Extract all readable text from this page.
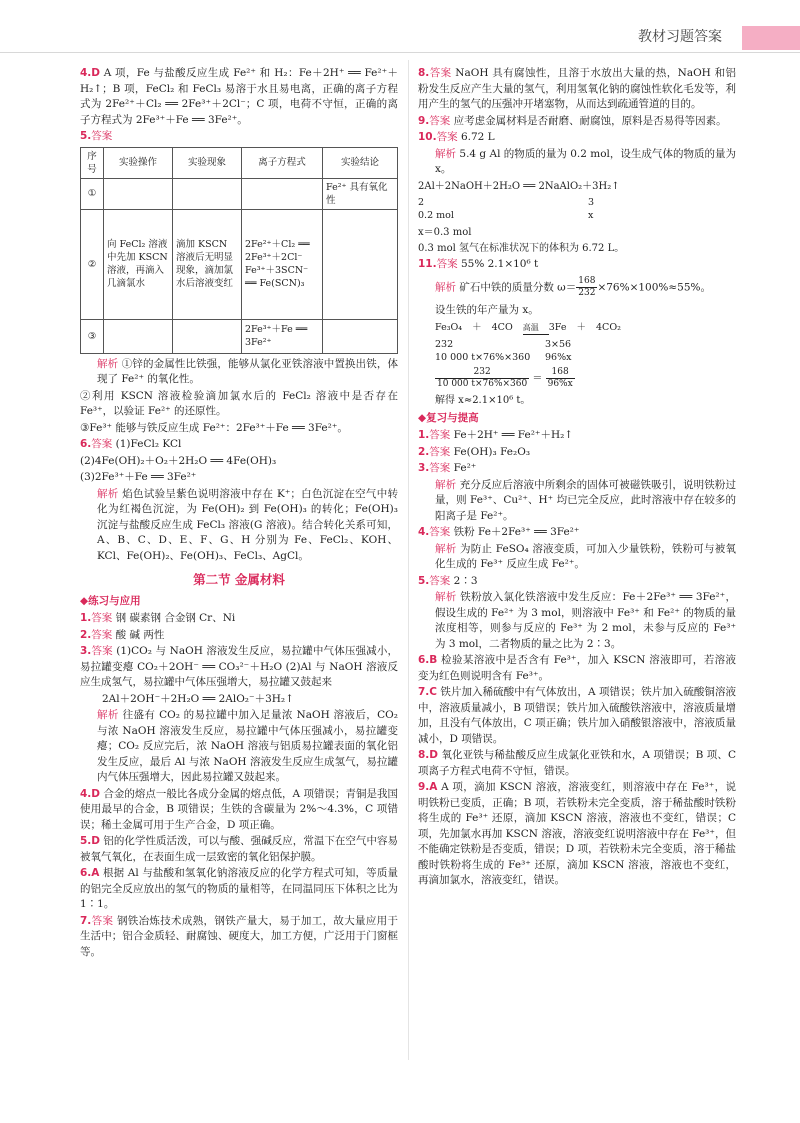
教材习题答案

4.D A 项，Fe 与盐酸反应生成 Fe²⁺ 和 H₂：Fe＋2H⁺ ══ Fe²⁺＋H₂↑；B 项，FeCl₂ 和 FeCl₃ 易溶于水且易电离，正确的离子方程式为 2Fe²⁺＋Cl₂ ══ 2Fe³⁺＋2Cl⁻；C 项，电荷不守恒，正确的离子方程式为 2Fe³⁺＋Fe ══ 3Fe²⁺。

5.答案

序号	实验操作	实验现象	离子方程式	实验结论
①				Fe²⁺ 具有氧化性
②	向 FeCl₂ 溶液中先加 KSCN 溶液，再滴入几滴氯水	滴加 KSCN 溶液后无明显现象，滴加氯水后溶液变红	2Fe²⁺＋Cl₂ ══ 2Fe³⁺＋2Cl⁻ Fe³⁺＋3SCN⁻ ══ Fe(SCN)₃	
③			2Fe³⁺＋Fe ══ 3Fe²⁺	

解析 ①锌的金属性比铁强，能够从氯化亚铁溶液中置换出铁，体现了 Fe²⁺ 的氧化性。

②利用 KSCN 溶液检验滴加氯水后的 FeCl₂ 溶液中是否存在 Fe³⁺，以验证 Fe²⁺ 的还原性。

③Fe³⁺ 能够与铁反应生成 Fe²⁺：2Fe³⁺＋Fe ══ 3Fe²⁺。

6.答案 (1)FeCl₂ KCl

(2)4Fe(OH)₂＋O₂＋2H₂O ══ 4Fe(OH)₃

(3)2Fe³⁺＋Fe ══ 3Fe²⁺

解析 焰色试验呈紫色说明溶液中存在 K⁺；白色沉淀在空气中转化为红褐色沉淀，为 Fe(OH)₂ 到 Fe(OH)₃ 的转化；Fe(OH)₃ 沉淀与盐酸反应生成 FeCl₃ 溶液(G 溶液)。结合转化关系可知，A、B、C、D、E、F、G、H 分别为 Fe、FeCl₂、KOH、KCl、Fe(OH)₂、Fe(OH)₃、FeCl₃、AgCl。

第二节 金属材料
◆练习与应用

1.答案 钢 碳素钢 合金钢 Cr、Ni

2.答案 酸 碱 两性

3.答案 (1)CO₂ 与 NaOH 溶液发生反应，易拉罐中气体压强减小，易拉罐变瘪 CO₂＋2OH⁻ ══ CO₃²⁻＋H₂O (2)Al 与 NaOH 溶液反应生成氢气，易拉罐中气体压强增大，易拉罐又鼓起来

2Al＋2OH⁻＋2H₂O ══ 2AlO₂⁻＋3H₂↑

解析 往盛有 CO₂ 的易拉罐中加入足量浓 NaOH 溶液后，CO₂ 与浓 NaOH 溶液发生反应，易拉罐中气体压强减小，易拉罐变瘪；CO₂ 反应完后，浓 NaOH 溶液与铝质易拉罐表面的氧化铝发生反应，最后 Al 与浓 NaOH 溶液发生反应生成氢气，易拉罐内气体压强增大，因此易拉罐又鼓起来。

4.D 合金的熔点一般比各成分金属的熔点低，A 项错误；青铜是我国使用最早的合金，B 项错误；生铁的含碳量为 2%～4.3%，C 项错误；稀土金属可用于生产合金，D 项正确。

5.D 铝的化学性质活泼，可以与酸、强碱反应，常温下在空气中容易被氧气氧化，在表面生成一层致密的氧化铝保护膜。

6.A 根据 Al 与盐酸和氢氧化钠溶液反应的化学方程式可知，等质量的铝完全反应放出的氢气的物质的量相等，在同温同压下体积之比为 1∶1。

7.答案 钢铁冶炼技术成熟，钢铁产量大，易于加工，故大量应用于生活中；铝合金质轻、耐腐蚀、硬度大，加工方便，广泛用于门窗框等。

8.答案 NaOH 具有腐蚀性，且溶于水放出大量的热，NaOH 和铝粉发生反应产生大量的氢气，利用氢氧化钠的腐蚀性软化毛发等，利用产生的氢气的压强冲开堵塞物，从而达到疏通管道的目的。

9.答案 应考虑金属材料是否耐磨、耐腐蚀，原料是否易得等因素。

10.答案 6.72 L

解析 5.4 g Al 的物质的量为 0.2 mol，设生成气体的物质的量为 x。

2Al＋2NaOH＋2H₂O ══ 2NaAlO₂＋3H₂↑

2	3
0.2 mol	x

x＝0.3 mol

0.3 mol 氢气在标准状况下的体积为 6.72 L。

11.答案 55% 2.1×10⁶ t

解析 矿石中铁的质量分数 $\omega= \frac{168}{232} \times 76\%\times 100\%\approx 55\%$。

设生铁的年产量为 x。

Fe₃O₄	＋	4CO	高温	3Fe	＋	4CO₂
232	3×56
10 000 t×76%×360	96%x

$\frac{232}{10 000 t\times 76\%\times 360} = \frac{168}{96\%x}$

解得 x≈2.1×10⁶ t。

◆复习与提高

1.答案 Fe＋2H⁺ ══ Fe²⁺＋H₂↑

2.答案 Fe(OH)₃ Fe₂O₃

3.答案 Fe²⁺

解析 充分反应后溶液中所剩余的固体可被磁铁吸引，说明铁粉过量，则 Fe³⁺、Cu²⁺、H⁺ 均已完全反应，此时溶液中存在较多的阳离子是 Fe²⁺。

4.答案 铁粉 Fe＋2Fe³⁺ ══ 3Fe²⁺

解析 为防止 FeSO₄ 溶液变质，可加入少量铁粉，铁粉可与被氧化生成的 Fe³⁺ 反应生成 Fe²⁺。

5.答案 2∶3

解析 铁粉放入氯化铁溶液中发生反应：Fe＋2Fe³⁺ ══ 3Fe²⁺，假设生成的 Fe²⁺ 为 3 mol，则溶液中 Fe³⁺ 和 Fe²⁺ 的物质的量浓度相等，则参与反应的 Fe³⁺ 为 2 mol，未参与反应的 Fe³⁺ 为 3 mol，二者物质的量之比为 2∶3。

6.B 检验某溶液中是否含有 Fe³⁺，加入 KSCN 溶液即可，若溶液变为红色则说明含有 Fe³⁺。

7.C 铁片加入稀硫酸中有气体放出，A 项错误；铁片加入硫酸铜溶液中，溶液质量减小，B 项错误；铁片加入硫酸铁溶液中，溶液质量增加，且没有气体放出，C 项正确；铁片加入硝酸银溶液中，溶液质量减小，D 项错误。

8.D 氧化亚铁与稀盐酸反应生成氯化亚铁和水，A 项错误；B 项、C 项离子方程式电荷不守恒，错误。

9.A A 项，滴加 KSCN 溶液，溶液变红，则溶液中存在 Fe³⁺，说明铁粉已变质，正确；B 项，若铁粉未完全变质，溶于稀盐酸时铁粉将生成的 Fe³⁺ 还原，滴加 KSCN 溶液，溶液也不变红，错误；C 项，先加氯水再加 KSCN 溶液，溶液变红说明溶液中存在 Fe³⁺，但不能确定铁粉是否变质，错误；D 项，若铁粉未完全变质，溶于稀盐酸时铁粉将生成的 Fe³⁺ 还原，滴加 KSCN 溶液，溶液也不变红，再滴加氯水，溶液变红，错误。
